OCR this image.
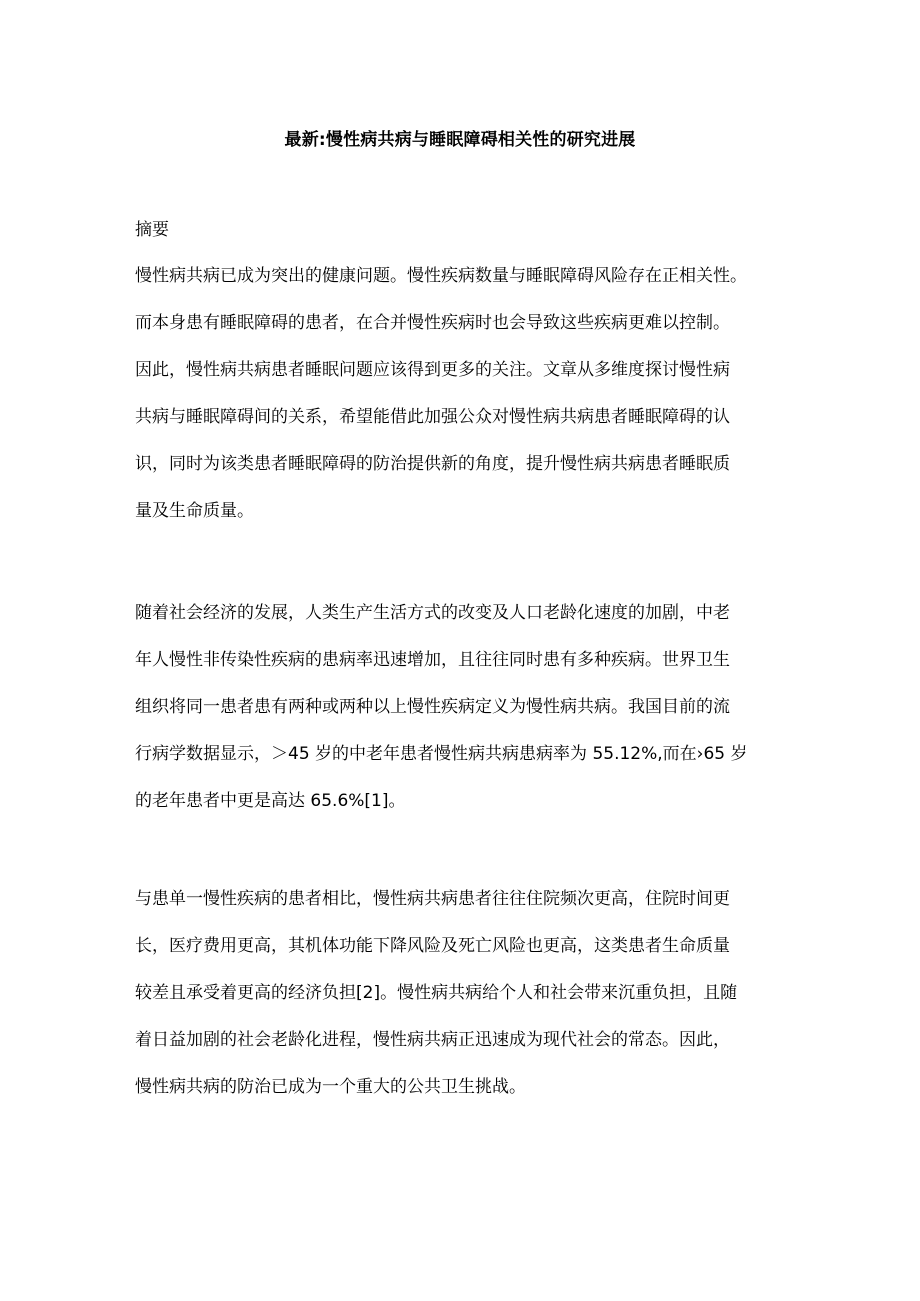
最新:慢性病共病与睡眠障碍相关性的研究进展
摘要

慢性病共病已成为突出的健康问题。慢性疾病数量与睡眠障碍风险存在正相关性。
而本身患有睡眠障碍的患者，在合并慢性疾病时也会导致这些疾病更难以控制。
因此，慢性病共病患者睡眠问题应该得到更多的关注。文章从多维度探讨慢性病
共病与睡眠障碍间的关系，希望能借此加强公众对慢性病共病患者睡眠障碍的认
识，同时为该类患者睡眠障碍的防治提供新的角度，提升慢性病共病患者睡眠质
量及生命质量。

随着社会经济的发展，人类生产生活方式的改变及人口老龄化速度的加剧，中老
年人慢性非传染性疾病的患病率迅速增加，且往往同时患有多种疾病。世界卫生
组织将同一患者患有两种或两种以上慢性疾病定义为慢性病共病。我国目前的流
行病学数据显示，＞45 岁的中老年患者慢性病共病患病率为 55.12%,而在›65 岁
的老年患者中更是高达 65.6%[1]。

与患单一慢性疾病的患者相比，慢性病共病患者往往住院频次更高，住院时间更
长，医疗费用更高，其机体功能下降风险及死亡风险也更高，这类患者生命质量
较差且承受着更高的经济负担[2]。慢性病共病给个人和社会带来沉重负担，且随
着日益加剧的社会老龄化进程，慢性病共病正迅速成为现代社会的常态。因此，
慢性病共病的防治已成为一个重大的公共卫生挑战。
